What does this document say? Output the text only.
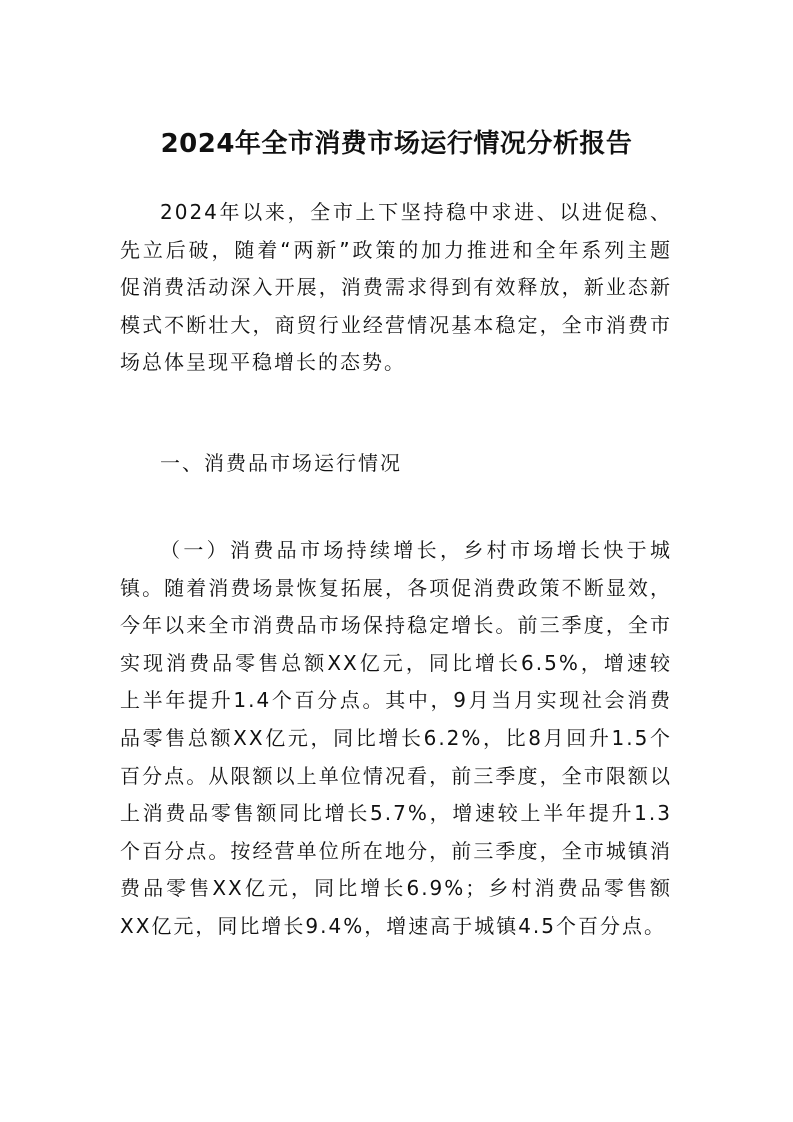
2024年全市消费市场运行情况分析报告

2024年以来，全市上下坚持稳中求进、以进促稳、先立后破，随着“两新”政策的加力推进和全年系列主题促消费活动深入开展，消费需求得到有效释放，新业态新模式不断壮大，商贸行业经营情况基本稳定，全市消费市场总体呈现平稳增长的态势。

一、消费品市场运行情况

（一）消费品市场持续增长，乡村市场增长快于城镇。随着消费场景恢复拓展，各项促消费政策不断显效，今年以来全市消费品市场保持稳定增长。前三季度，全市实现消费品零售总额XX亿元，同比增长6.5%，增速较上半年提升1.4个百分点。其中，9月当月实现社会消费品零售总额XX亿元，同比增长6.2%，比8月回升1.5个百分点。从限额以上单位情况看，前三季度，全市限额以上消费品零售额同比增长5.7%，增速较上半年提升1.3个百分点。按经营单位所在地分，前三季度，全市城镇消费品零售XX亿元，同比增长6.9%；乡村消费品零售额XX亿元，同比增长9.4%，增速高于城镇4.5个百分点。
